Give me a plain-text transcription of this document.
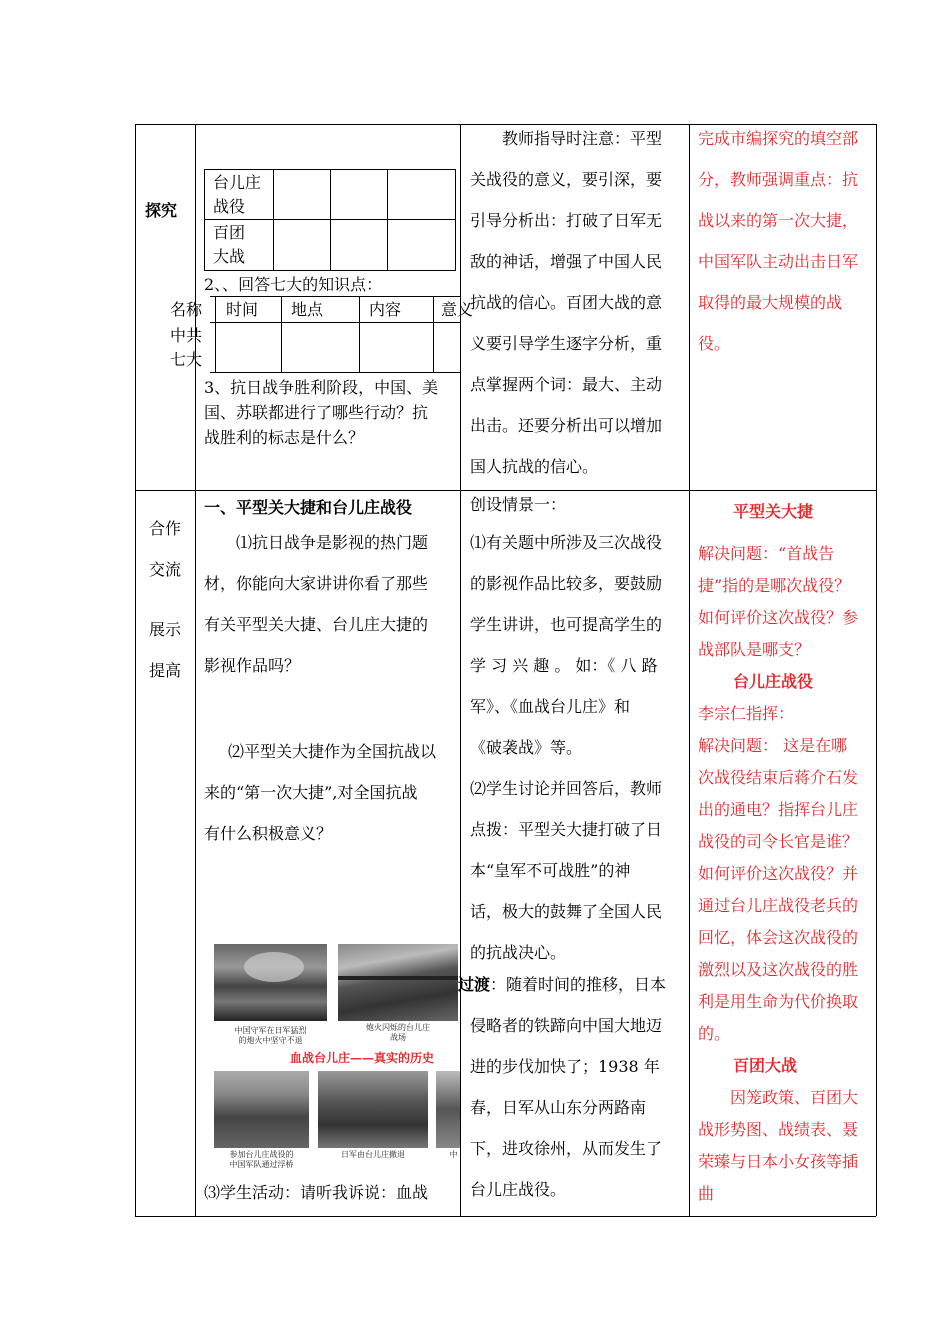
探究
台儿庄
战役
百团
大战
2、、回答七大的知识点：
名称 时间 地点	内容 意义
中共
七大
3、抗日战争胜利阶段，中国、美
国、苏联都进行了哪些行动？抗
战胜利的标志是什么？
教师指导时注意：平型
关战役的意义，要引深，要
引导分析出：打破了日军无
敌的神话，增强了中国人民
抗战的信心。百团大战的意
义要引导学生逐字分析，重
点掌握两个词：最大、主动
出击。还要分析出可以增加
国人抗战的信心。
完成市编探究的填空部
分，教师强调重点：抗
战以来的第一次大捷，
中国军队主动出击日军
取得的最大规模的战
役。
合作
交流
展示
提高
一、平型关大捷和台儿庄战役
⑴抗日战争是影视的热门题
材，你能向大家讲讲你看了那些
有关平型关大捷、台儿庄大捷的
影视作品吗？
⑵平型关大捷作为全国抗战以
来的“第一次大捷”,对全国抗战
有什么积极意义？
中国守军在日军猛烈
的炮火中坚守不退
炮火闪烁的台儿庄
战场
血战台儿庄——真实的历史
参加台儿庄战役的
中国军队通过浮桥
日军由台儿庄撤退	中
⑶学生活动：请听我诉说：血战
创设情景一：
⑴有关题中所涉及三次战役
的影视作品比较多，要鼓励
学生讲讲，也可提高学生的
学 习 兴 趣 。 如：《 八 路
军》、《血战台儿庄》和
《破袭战》等。
⑵学生讨论并回答后，教师
点拨：平型关大捷打破了日
本“皇军不可战胜”的神
话，极大的鼓舞了全国人民
的抗战决心。
过渡：随着时间的推移，日本
侵略者的铁蹄向中国大地迈
进的步伐加快了；1938 年
春，日军从山东分两路南
下，进攻徐州，从而发生了
台儿庄战役。
平型关大捷
解决问题：“首战告
捷”指的是哪次战役？
如何评价这次战役？参
战部队是哪支？
台儿庄战役
李宗仁指挥：
解决问题： 这是在哪
次战役结束后蒋介石发
出的通电？指挥台儿庄
战役的司令长官是谁？
如何评价这次战役？并
通过台儿庄战役老兵的
回忆，体会这次战役的
激烈以及这次战役的胜
利是用生命为代价换取
的。
百团大战
因笼政策、百团大
战形势图、战绩表、聂
荣臻与日本小女孩等插
曲
